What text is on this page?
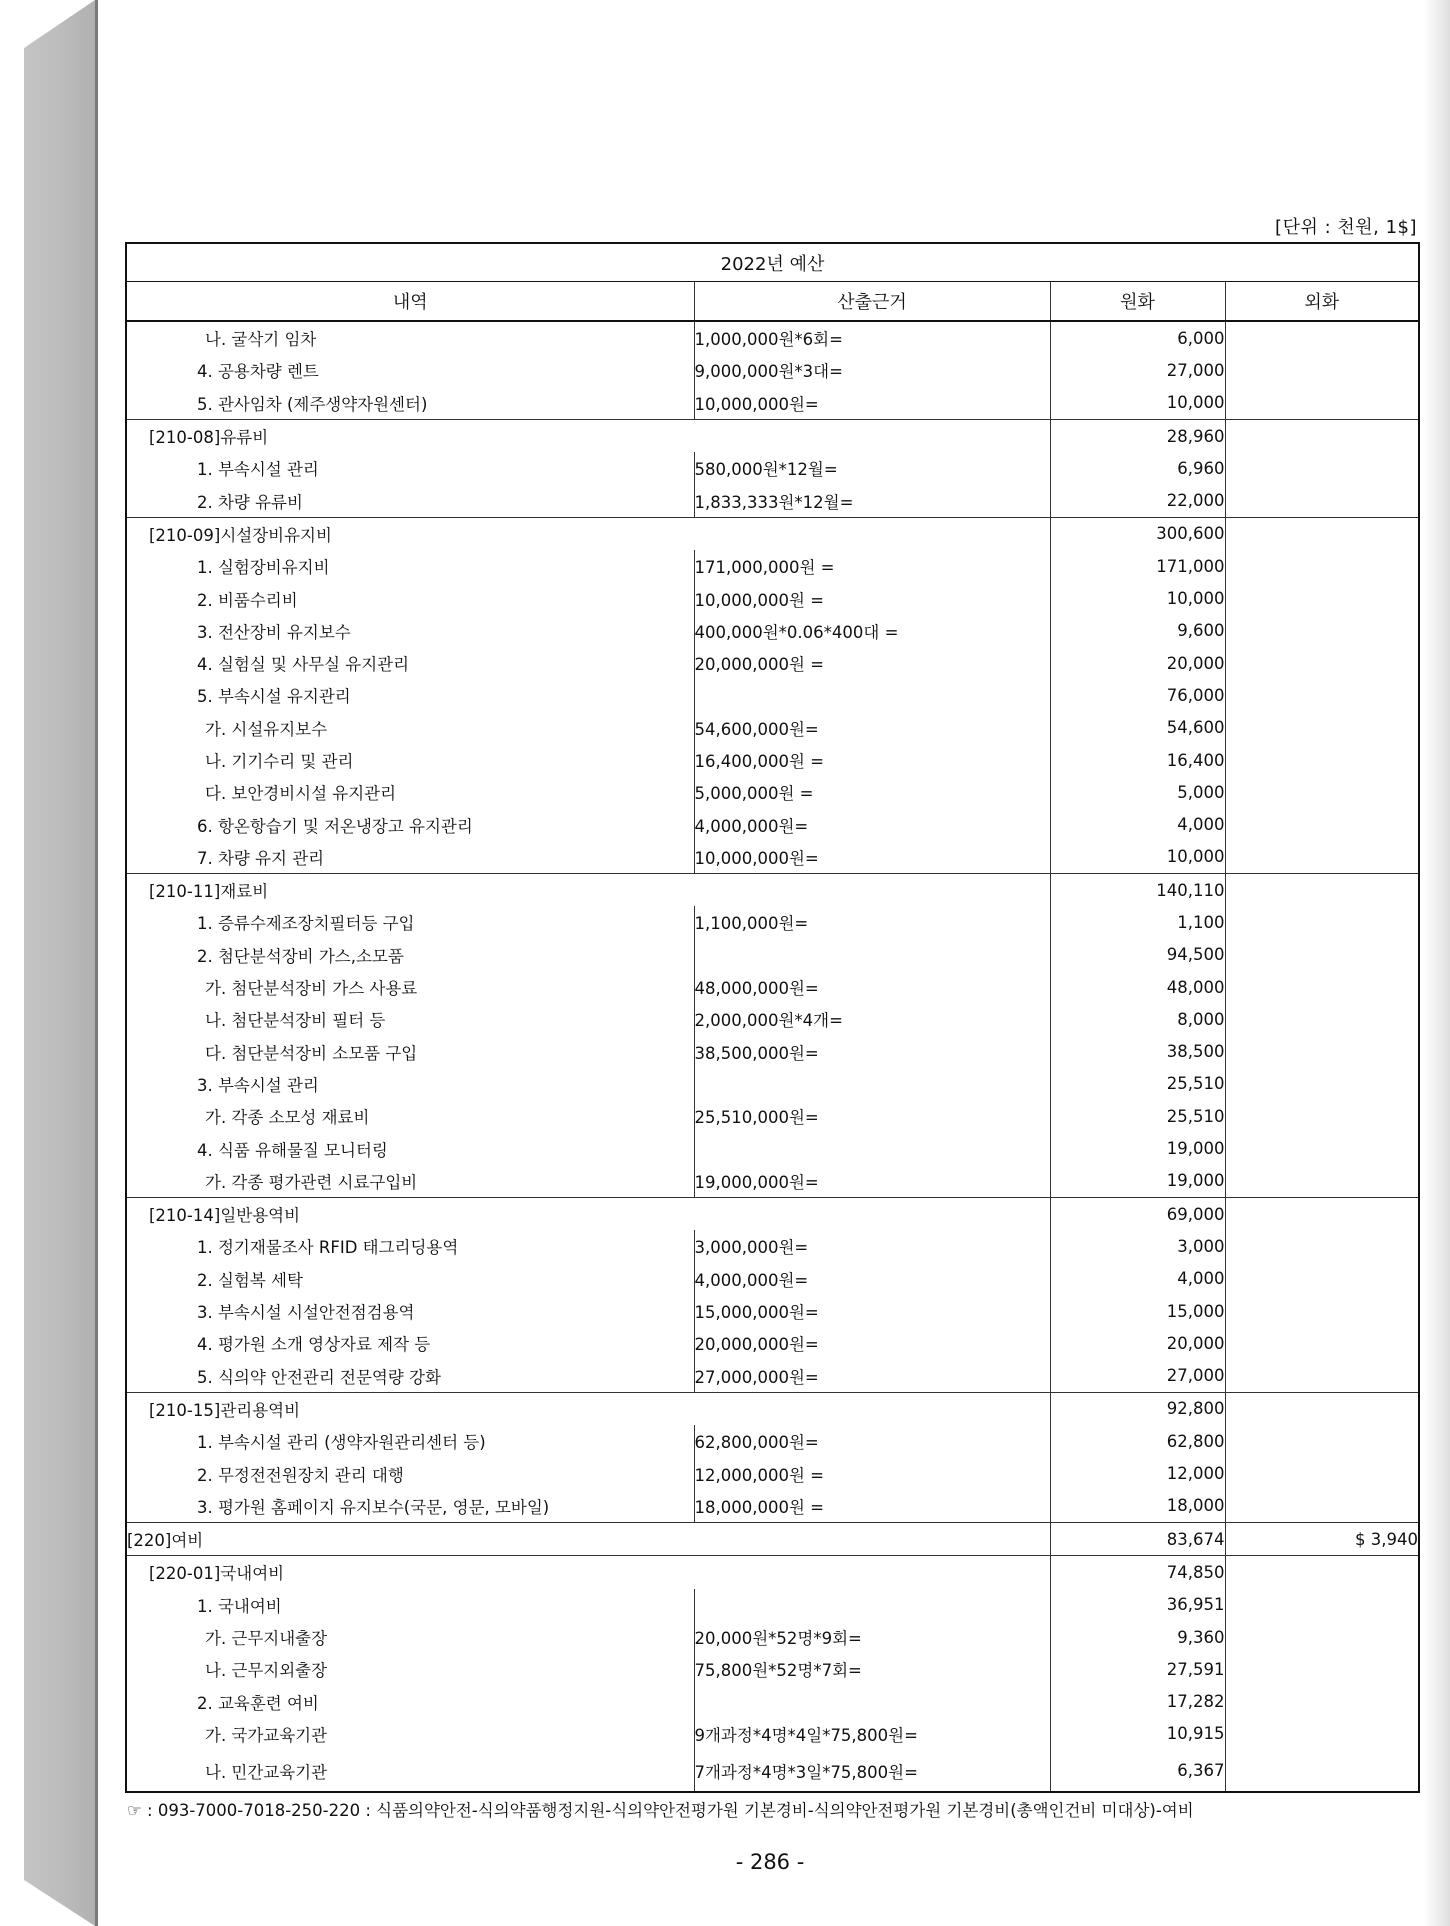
[단위 : 천원, 1$]
2022년 예산			
내역	산출근거	원화	외화
나. 굴삭기 임차	1,000,000원*6회=	6,000	
4. 공용차량 렌트	9,000,000원*3대=	27,000	
5. 관사임차 (제주생약자원센터)	10,000,000원=	10,000	
[210-08]유류비		28,960	
1. 부속시설 관리	580,000원*12월=	6,960	
2. 차량 유류비	1,833,333원*12월=	22,000	
[210-09]시설장비유지비		300,600	
1. 실험장비유지비	171,000,000원 =	171,000	
2. 비품수리비	10,000,000원 =	10,000	
3. 전산장비 유지보수	400,000원*0.06*400대 =	9,600	
4. 실험실 및 사무실 유지관리	20,000,000원 =	20,000	
5. 부속시설 유지관리		76,000	
가. 시설유지보수	54,600,000원=	54,600	
나. 기기수리 및 관리	16,400,000원 =	16,400	
다. 보안경비시설 유지관리	5,000,000원 =	5,000	
6. 항온항습기 및 저온냉장고 유지관리	4,000,000원=	4,000	
7. 차량 유지 관리	10,000,000원=	10,000	
[210-11]재료비		140,110	
1. 증류수제조장치필터등 구입	1,100,000원=	1,100	
2. 첨단분석장비 가스,소모품		94,500	
가. 첨단분석장비 가스 사용료	48,000,000원=	48,000	
나. 첨단분석장비 필터 등	2,000,000원*4개=	8,000	
다. 첨단분석장비 소모품 구입	38,500,000원=	38,500	
3. 부속시설 관리		25,510	
가. 각종 소모성 재료비	25,510,000원=	25,510	
4. 식품 유해물질 모니터링		19,000	
가. 각종 평가관련 시료구입비	19,000,000원=	19,000	
[210-14]일반용역비		69,000	
1. 정기재물조사 RFID 태그리딩용역	3,000,000원=	3,000	
2. 실험복 세탁	4,000,000원=	4,000	
3. 부속시설 시설안전점검용역	15,000,000원=	15,000	
4. 평가원 소개 영상자료 제작 등	20,000,000원=	20,000	
5. 식의약 안전관리 전문역량 강화	27,000,000원=	27,000	
[210-15]관리용역비		92,800	
1. 부속시설 관리 (생약자원관리센터 등)	62,800,000원=	62,800	
2. 무정전전원장치 관리 대행	12,000,000원 =	12,000	
3. 평가원 홈페이지 유지보수(국문, 영문, 모바일)	18,000,000원 =	18,000	
[220]여비		83,674	$ 3,940
[220-01]국내여비		74,850	
1. 국내여비		36,951	
가. 근무지내출장	20,000원*52명*9회=	9,360	
나. 근무지외출장	75,800원*52명*7회=	27,591	
2. 교육훈련 여비		17,282	
가. 국가교육기관	9개과정*4명*4일*75,800원=	10,915	
나. 민간교육기관	7개과정*4명*3일*75,800원=	6,367	
☞ : 093-7000-7018-250-220 : 식품의약안전-식의약품행정지원-식의약안전평가원 기본경비-식의약안전평가원 기본경비(총액인건비 미대상)-여비
- 286 -
